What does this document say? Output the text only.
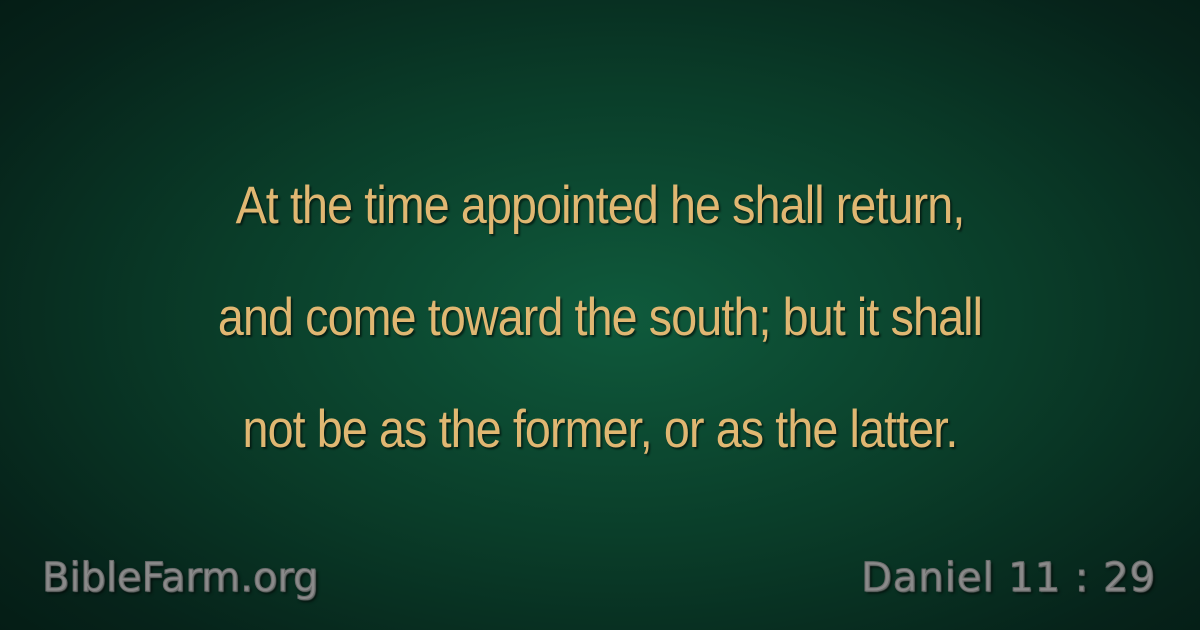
At the time appointed he shall return,
and come toward the south; but it shall
not be as the former, or as the latter.
BibleFarm.org	Daniel 11 : 29
